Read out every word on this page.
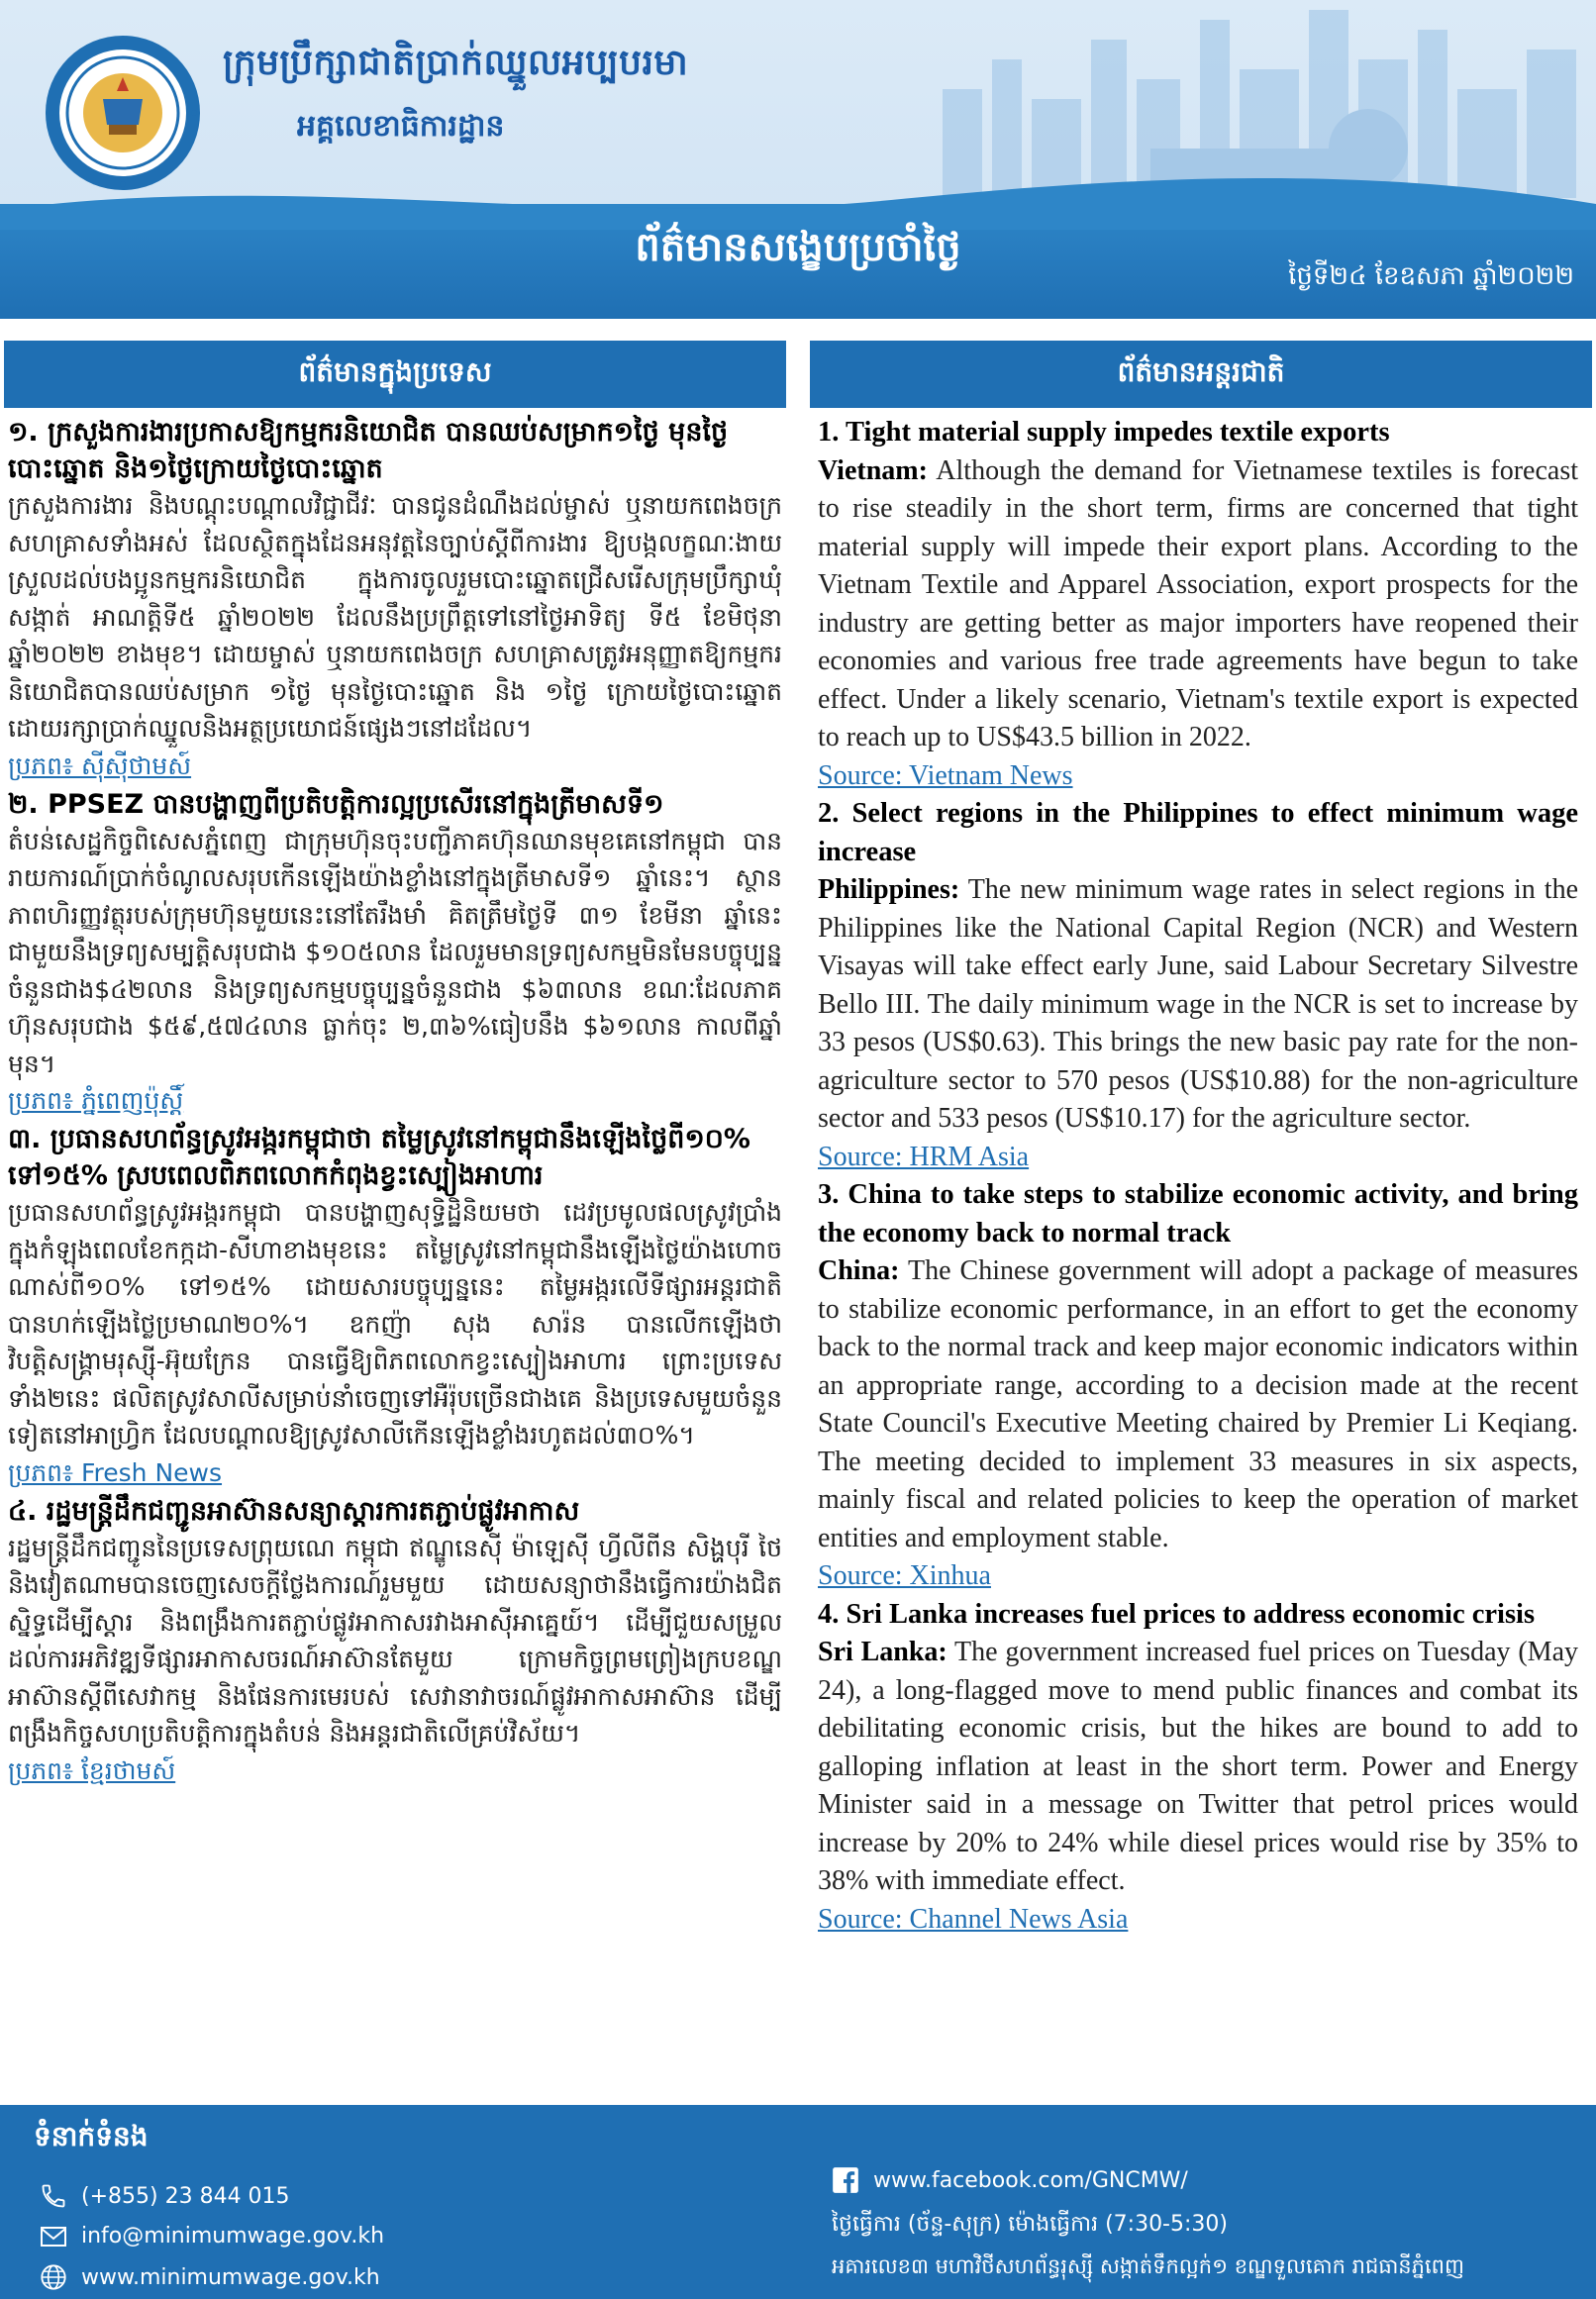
ក្រុមប្រឹក្សាជាតិប្រាក់ឈ្នួលអប្បបរមា
អគ្គលេខាធិការដ្ឋាន
ព័ត៌មានសង្ខេបប្រចាំថ្ងៃ
ថ្ងៃទី២៤ ខែឧសភា ឆ្នាំ២០២២
ព័ត៌មានក្នុងប្រទេស	ព័ត៌មានអន្តរជាតិ
១. ក្រសួងការងារប្រកាសឱ្យកម្មករនិយោជិត បានឈប់សម្រាក១ថ្ងៃ មុនថ្ងៃបោះឆ្នោត និង១ថ្ងៃក្រោយថ្ងៃបោះឆ្នោត
ក្រសួងការងារ និងបណ្តុះបណ្តាលវិជ្ជាជីវៈ បានជូនដំណឹងដល់ម្ចាស់ ឬនាយកពេងចក្រ សហគ្រាសទាំងអស់ ដែលស្ថិតក្នុងដែនអនុវត្តនៃច្បាប់ស្តីពីការងារ ឱ្យបង្កលក្ខណៈងាយស្រួលដល់បងប្អូនកម្មករនិយោជិត ក្នុងការចូលរួមបោះឆ្នោតជ្រើសរើសក្រុមប្រឹក្សាឃុំ សង្កាត់ អាណត្តិទី៥ ឆ្នាំ២០២២ ដែលនឹងប្រព្រឹត្តទៅនៅថ្ងៃអាទិត្យ ទី៥ ខែមិថុនា ឆ្នាំ២០២២ ខាងមុខ។ ដោយម្ចាស់ ឬនាយកពេងចក្រ សហគ្រាសត្រូវអនុញ្ញាតឱ្យកម្មករនិយោជិតបានឈប់សម្រាក ១ថ្ងៃ មុនថ្ងៃបោះឆ្នោត និង ១ថ្ងៃ ក្រោយថ្ងៃបោះឆ្នោត ដោយរក្សាប្រាក់ឈ្នួលនិងអត្ថប្រយោជន៍ផ្សេងៗនៅដដែល។
ប្រភព៖ ស៊ីស៊ីថាមស៍
២. PPSEZ បានបង្ហាញពីប្រតិបត្តិការល្អប្រសើរនៅក្នុងត្រីមាសទី១
តំបន់សេដ្ឋកិច្ចពិសេសភ្នំពេញ ជាក្រុមហ៊ុនចុះបញ្ជីភាគហ៊ុនឈានមុខគេនៅកម្ពុជា បានរាយការណ៍ប្រាក់ចំណូលសរុបកើនឡើងយ៉ាងខ្លាំងនៅក្នុងត្រីមាសទី១ ឆ្នាំនេះ។ ស្ថានភាពហិរញ្ញវត្ថុរបស់ក្រុមហ៊ុនមួយនេះនៅតែរឹងមាំ គិតត្រឹមថ្ងៃទី ៣១ ខែមីនា ឆ្នាំនេះ ជាមួយនឹងទ្រព្យសម្បត្តិសរុបជាង $១០៥លាន ដែលរួមមានទ្រព្យសកម្មមិនមែនបច្ចុប្បន្នចំនួនជាង$៤២លាន និងទ្រព្យសកម្មបច្ចុប្បន្នចំនួនជាង $៦៣លាន ខណៈដែលភាគហ៊ុនសរុបជាង $៥៩,៥៧៤លាន ធ្លាក់ចុះ ២,៣៦%ធៀបនឹង $៦១លាន កាលពីឆ្នាំមុន។
ប្រភព៖ ភ្នំពេញប៉ុស្តិ៍
៣. ប្រធានសហព័ន្ធស្រូវអង្ករកម្ពុជាថា តម្លៃស្រូវនៅកម្ពុជានឹងឡើងថ្លៃពី១០% ទៅ១៥% ស្របពេលពិភពលោកកំពុងខ្វះស្បៀងអាហារ
ប្រធានសហព័ន្ធស្រូវអង្ករកម្ពុជា បានបង្ហាញសុទ្ធិដ្ឋិនិយមថា ដេវប្រមូលផលស្រូវប្រាំងក្នុងកំឡុងពេលខែកក្កដា-សីហាខាងមុខនេះ តម្លៃស្រូវនៅកម្ពុជានឹងឡើងថ្លៃយ៉ាងហោចណាស់ពី១០% ទៅ១៥% ដោយសារបច្ចុប្បន្ននេះ តម្លៃអង្ករលើទីផ្សារអន្តរជាតិ បានហក់ឡើងថ្លៃប្រមាណ២០%។ ឧកញ៉ា សុង សារ៉ន បានលើកឡើងថា វិបត្តិសង្គ្រាមរុស្ស៊ី-អ៊ុយក្រែន បានធ្វើឱ្យពិភពលោកខ្វះស្បៀងអាហារ ព្រោះប្រទេសទាំង២នេះ ផលិតស្រូវសាលីសម្រាប់នាំចេញទៅអឺរ៉ុបច្រើនជាងគេ និងប្រទេសមួយចំនួនទៀតនៅអាហ្វ្រិក ដែលបណ្តាលឱ្យស្រូវសាលីកើនឡើងខ្លាំងរហូតដល់៣០%។
ប្រភព៖ Fresh News
៤. រដ្ឋមន្ត្រីដឹកជញ្ជូនអាស៊ានសន្យាស្តារការតភ្ជាប់ផ្លូវអាកាស
រដ្ឋមន្ត្រីដឹកជញ្ជូននៃប្រទេសព្រុយណេ កម្ពុជា ឥណ្ឌូនេស៊ី ម៉ាឡេស៊ី ហ្វីលីពីន សិង្ហបុរី ថៃ និងវៀតណាមបានចេញសេចក្តីថ្លែងការណ៍រួមមួយ ដោយសន្យាថានឹងធ្វើការយ៉ាងជិតស្និទ្ធដើម្បីស្តារ និងពង្រឹងការតភ្ជាប់ផ្លូវអាកាសរវាងអាស៊ីអាគ្នេយ៍។ ដើម្បីជួយសម្រួលដល់ការអភិវឌ្ឍទីផ្សារអាកាសចរណ៍អាស៊ានតែមួយ ក្រោមកិច្ចព្រមព្រៀងក្របខណ្ឌអាស៊ានស្តីពីសេវាកម្ម និងផែនការមេរបស់ សេវានាវាចរណ៍ផ្លូវអាកាសអាស៊ាន ដើម្បីពង្រឹងកិច្ចសហប្រតិបត្តិការក្នុងតំបន់ និងអន្តរជាតិលើគ្រប់វិស័យ។
ប្រភព៖ ខ្មែរថាមស៍
1. Tight material supply impedes textile exports
Vietnam: Although the demand for Vietnamese textiles is forecast to rise steadily in the short term, firms are concerned that tight material supply will impede their export plans. According to the Vietnam Textile and Apparel Association, export prospects for the industry are getting better as major importers have reopened their economies and various free trade agreements have begun to take effect. Under a likely scenario, Vietnam's textile export is expected to reach up to US$43.5 billion in 2022.
Source: Vietnam News
2. Select regions in the Philippines to effect minimum wage increase
Philippines: The new minimum wage rates in select regions in the Philippines like the National Capital Region (NCR) and Western Visayas will take effect early June, said Labour Secretary Silvestre Bello III. The daily minimum wage in the NCR is set to increase by 33 pesos (US$0.63). This brings the new basic pay rate for the non-agriculture sector to 570 pesos (US$10.88) for the non-agriculture sector and 533 pesos (US$10.17) for the agriculture sector.
Source: HRM Asia
3. China to take steps to stabilize economic activity, and bring the economy back to normal track
China: The Chinese government will adopt a package of measures to stabilize economic performance, in an effort to get the economy back to the normal track and keep major economic indicators within an appropriate range, according to a decision made at the recent State Council's Executive Meeting chaired by Premier Li Keqiang. The meeting decided to implement 33 measures in six aspects, mainly fiscal and related policies to keep the operation of market entities and employment stable.
Source: Xinhua
4. Sri Lanka increases fuel prices to address economic crisis
Sri Lanka: The government increased fuel prices on Tuesday (May 24), a long-flagged move to mend public finances and combat its debilitating economic crisis, but the hikes are bound to add to galloping inflation at least in the short term. Power and Energy Minister said in a message on Twitter that petrol prices would increase by 20% to 24% while diesel prices would rise by 35% to 38% with immediate effect.
Source: Channel News Asia
ទំនាក់ទំនង
(+855) 23 844 015
info@minimumwage.gov.kh
www.minimumwage.gov.kh
www.facebook.com/GNCMW/
ថ្ងៃធ្វើការ (ច័ន្ទ-សុក្រ) ម៉ោងធ្វើការ (7:30-5:30)
អគារលេខ៣ មហាវិថីសហព័ន្ធរុស្ស៊ី សង្កាត់ទឹកល្អក់១ ខណ្ឌទួលគោក រាជធានីភ្នំពេញ
